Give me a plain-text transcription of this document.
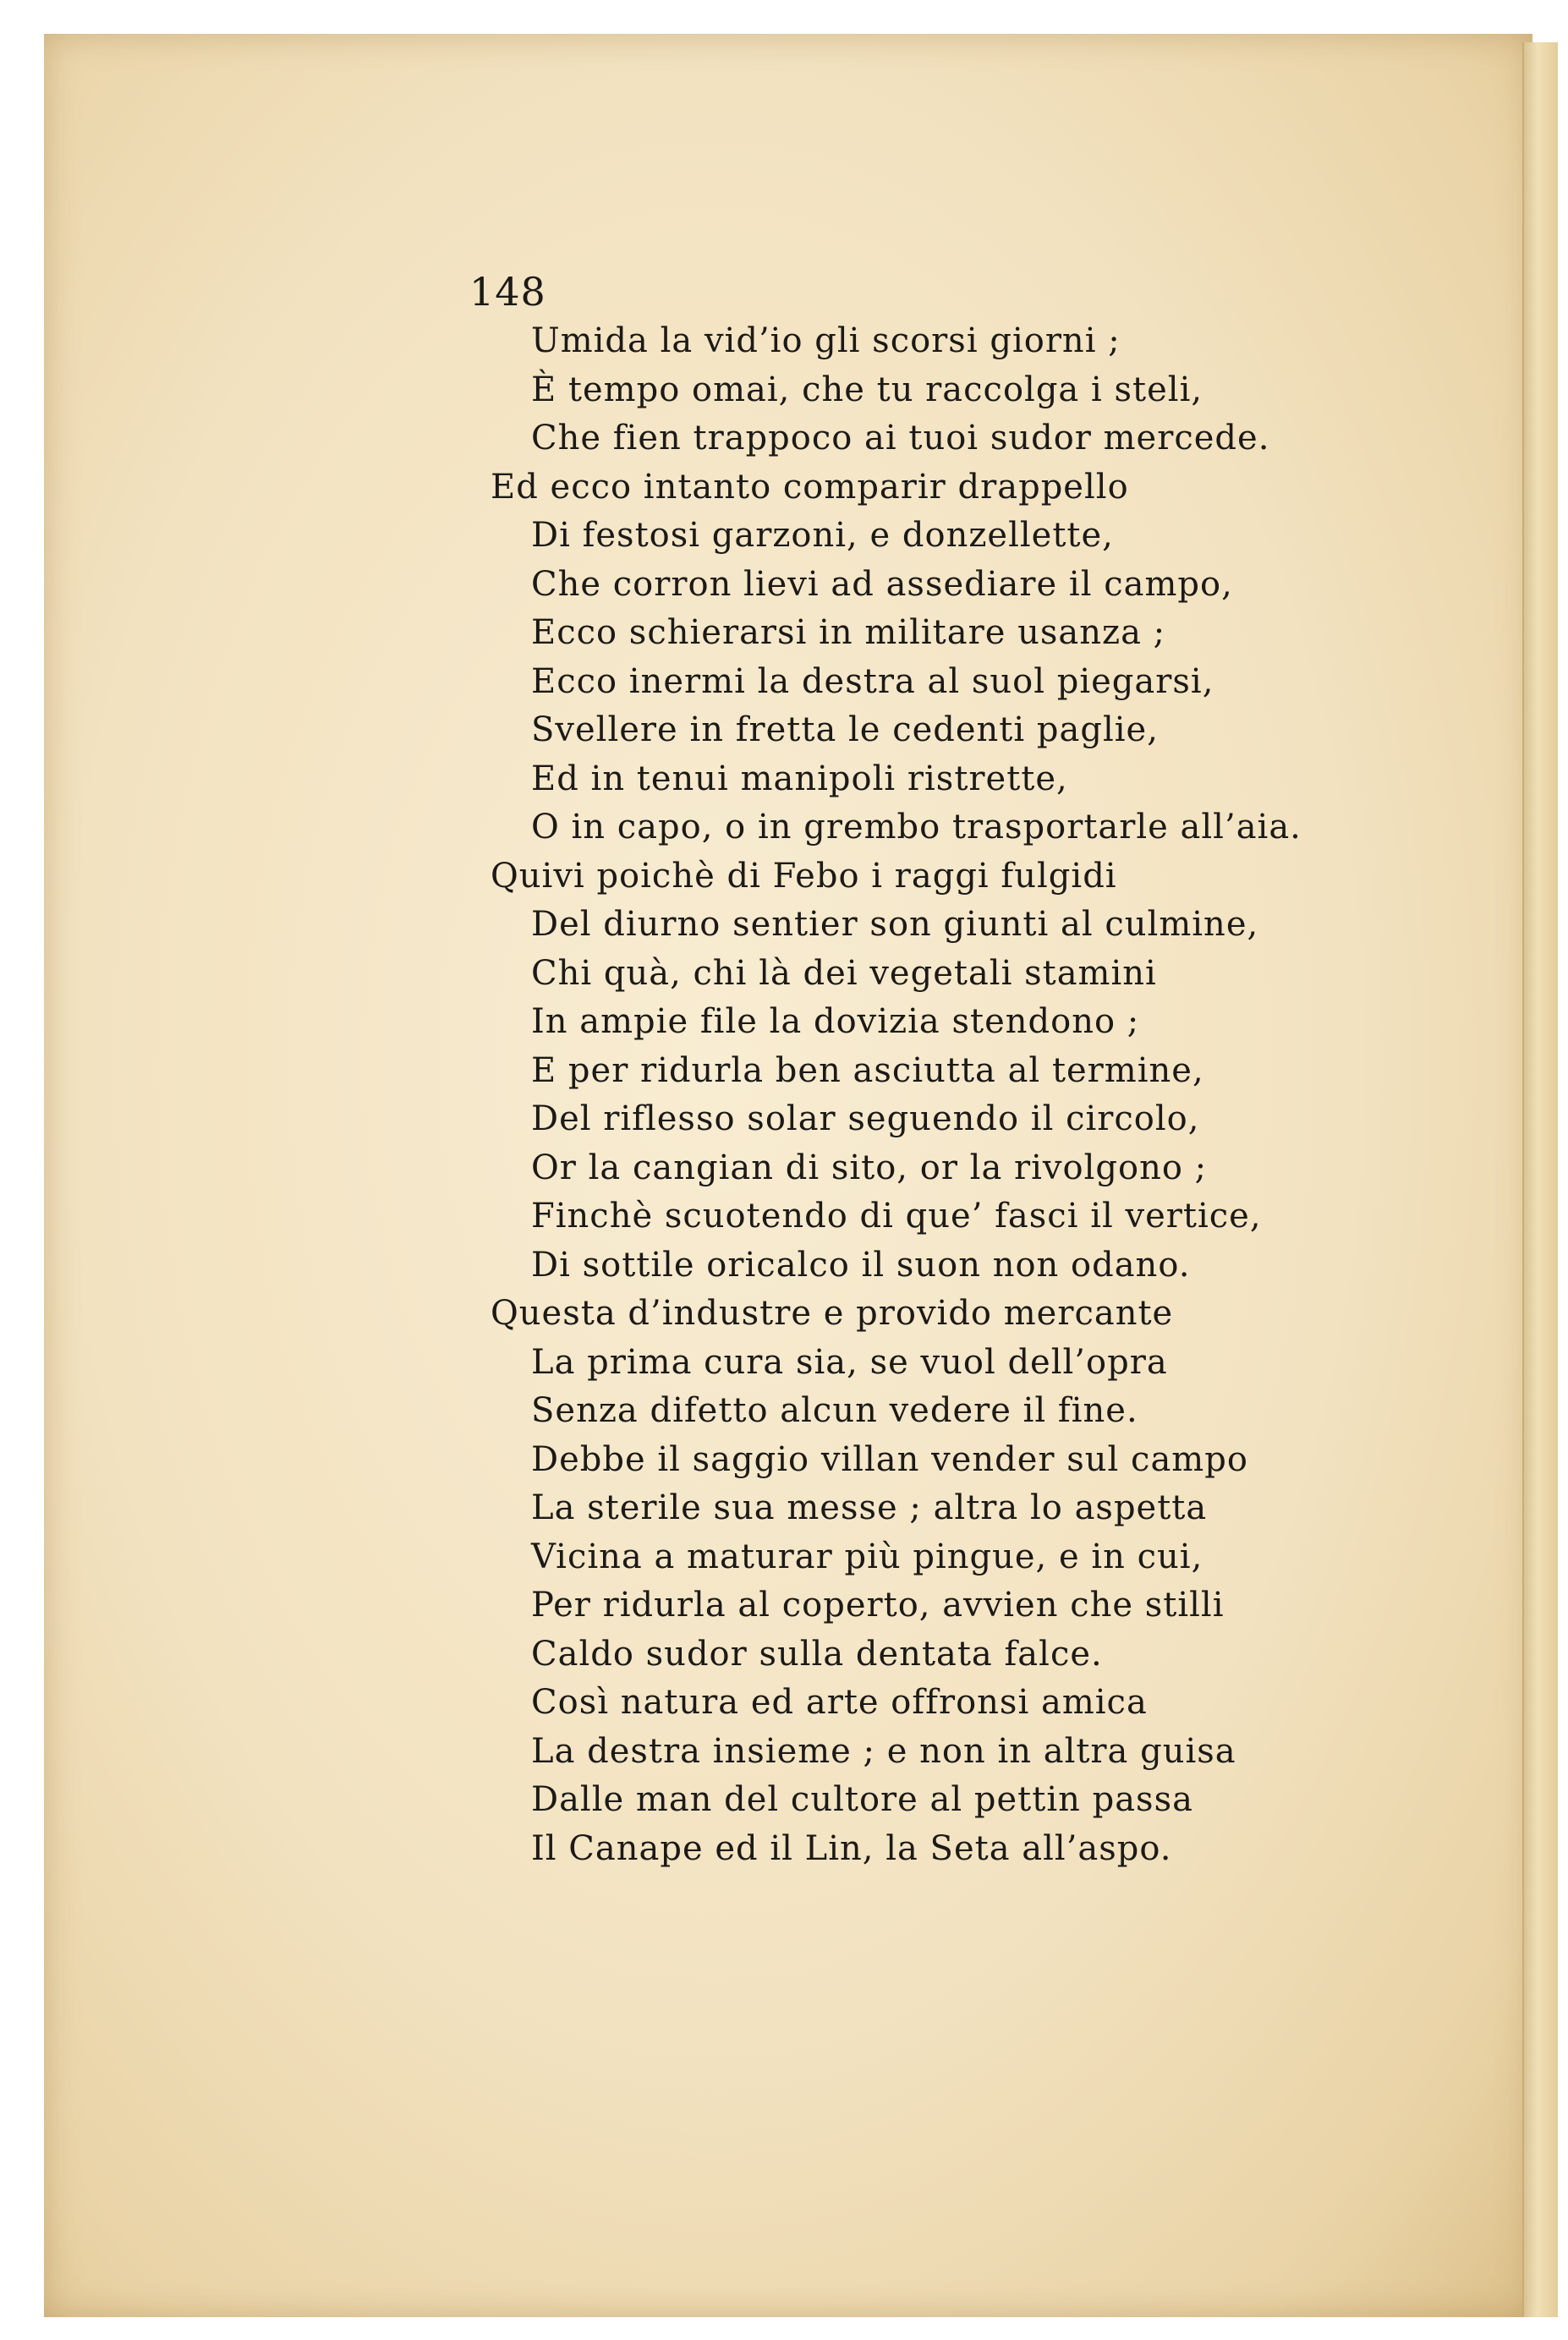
148
Umida la vid’io gli scorsi giorni ;
È tempo omai, che tu raccolga i steli,
Che fien trappoco ai tuoi sudor mercede.
Ed ecco intanto comparir drappello
Di festosi garzoni, e donzellette,
Che corron lievi ad assediare il campo,
Ecco schierarsi in militare usanza ;
Ecco inermi la destra al suol piegarsi,
Svellere in fretta le cedenti paglie,
Ed in tenui manipoli ristrette,
O in capo, o in grembo trasportarle all’aia.
Quivi poichè di Febo i raggi fulgidi
Del diurno sentier son giunti al culmine,
Chi quà, chi là dei vegetali stamini
In ampie file la dovizia stendono ;
E per ridurla ben asciutta al termine,
Del riflesso solar seguendo il circolo,
Or la cangian di sito, or la rivolgono ;
Finchè scuotendo di que’ fasci il vertice,
Di sottile oricalco il suon non odano.
Questa d’industre e provido mercante
La prima cura sia, se vuol dell’opra
Senza difetto alcun vedere il fine.
Debbe il saggio villan vender sul campo
La sterile sua messe ; altra lo aspetta
Vicina a maturar più pingue, e in cui,
Per ridurla al coperto, avvien che stilli
Caldo sudor sulla dentata falce.
Così natura ed arte offronsi amica
La destra insieme ; e non in altra guisa
Dalle man del cultore al pettin passa
Il Canape ed il Lin, la Seta all’aspo.
